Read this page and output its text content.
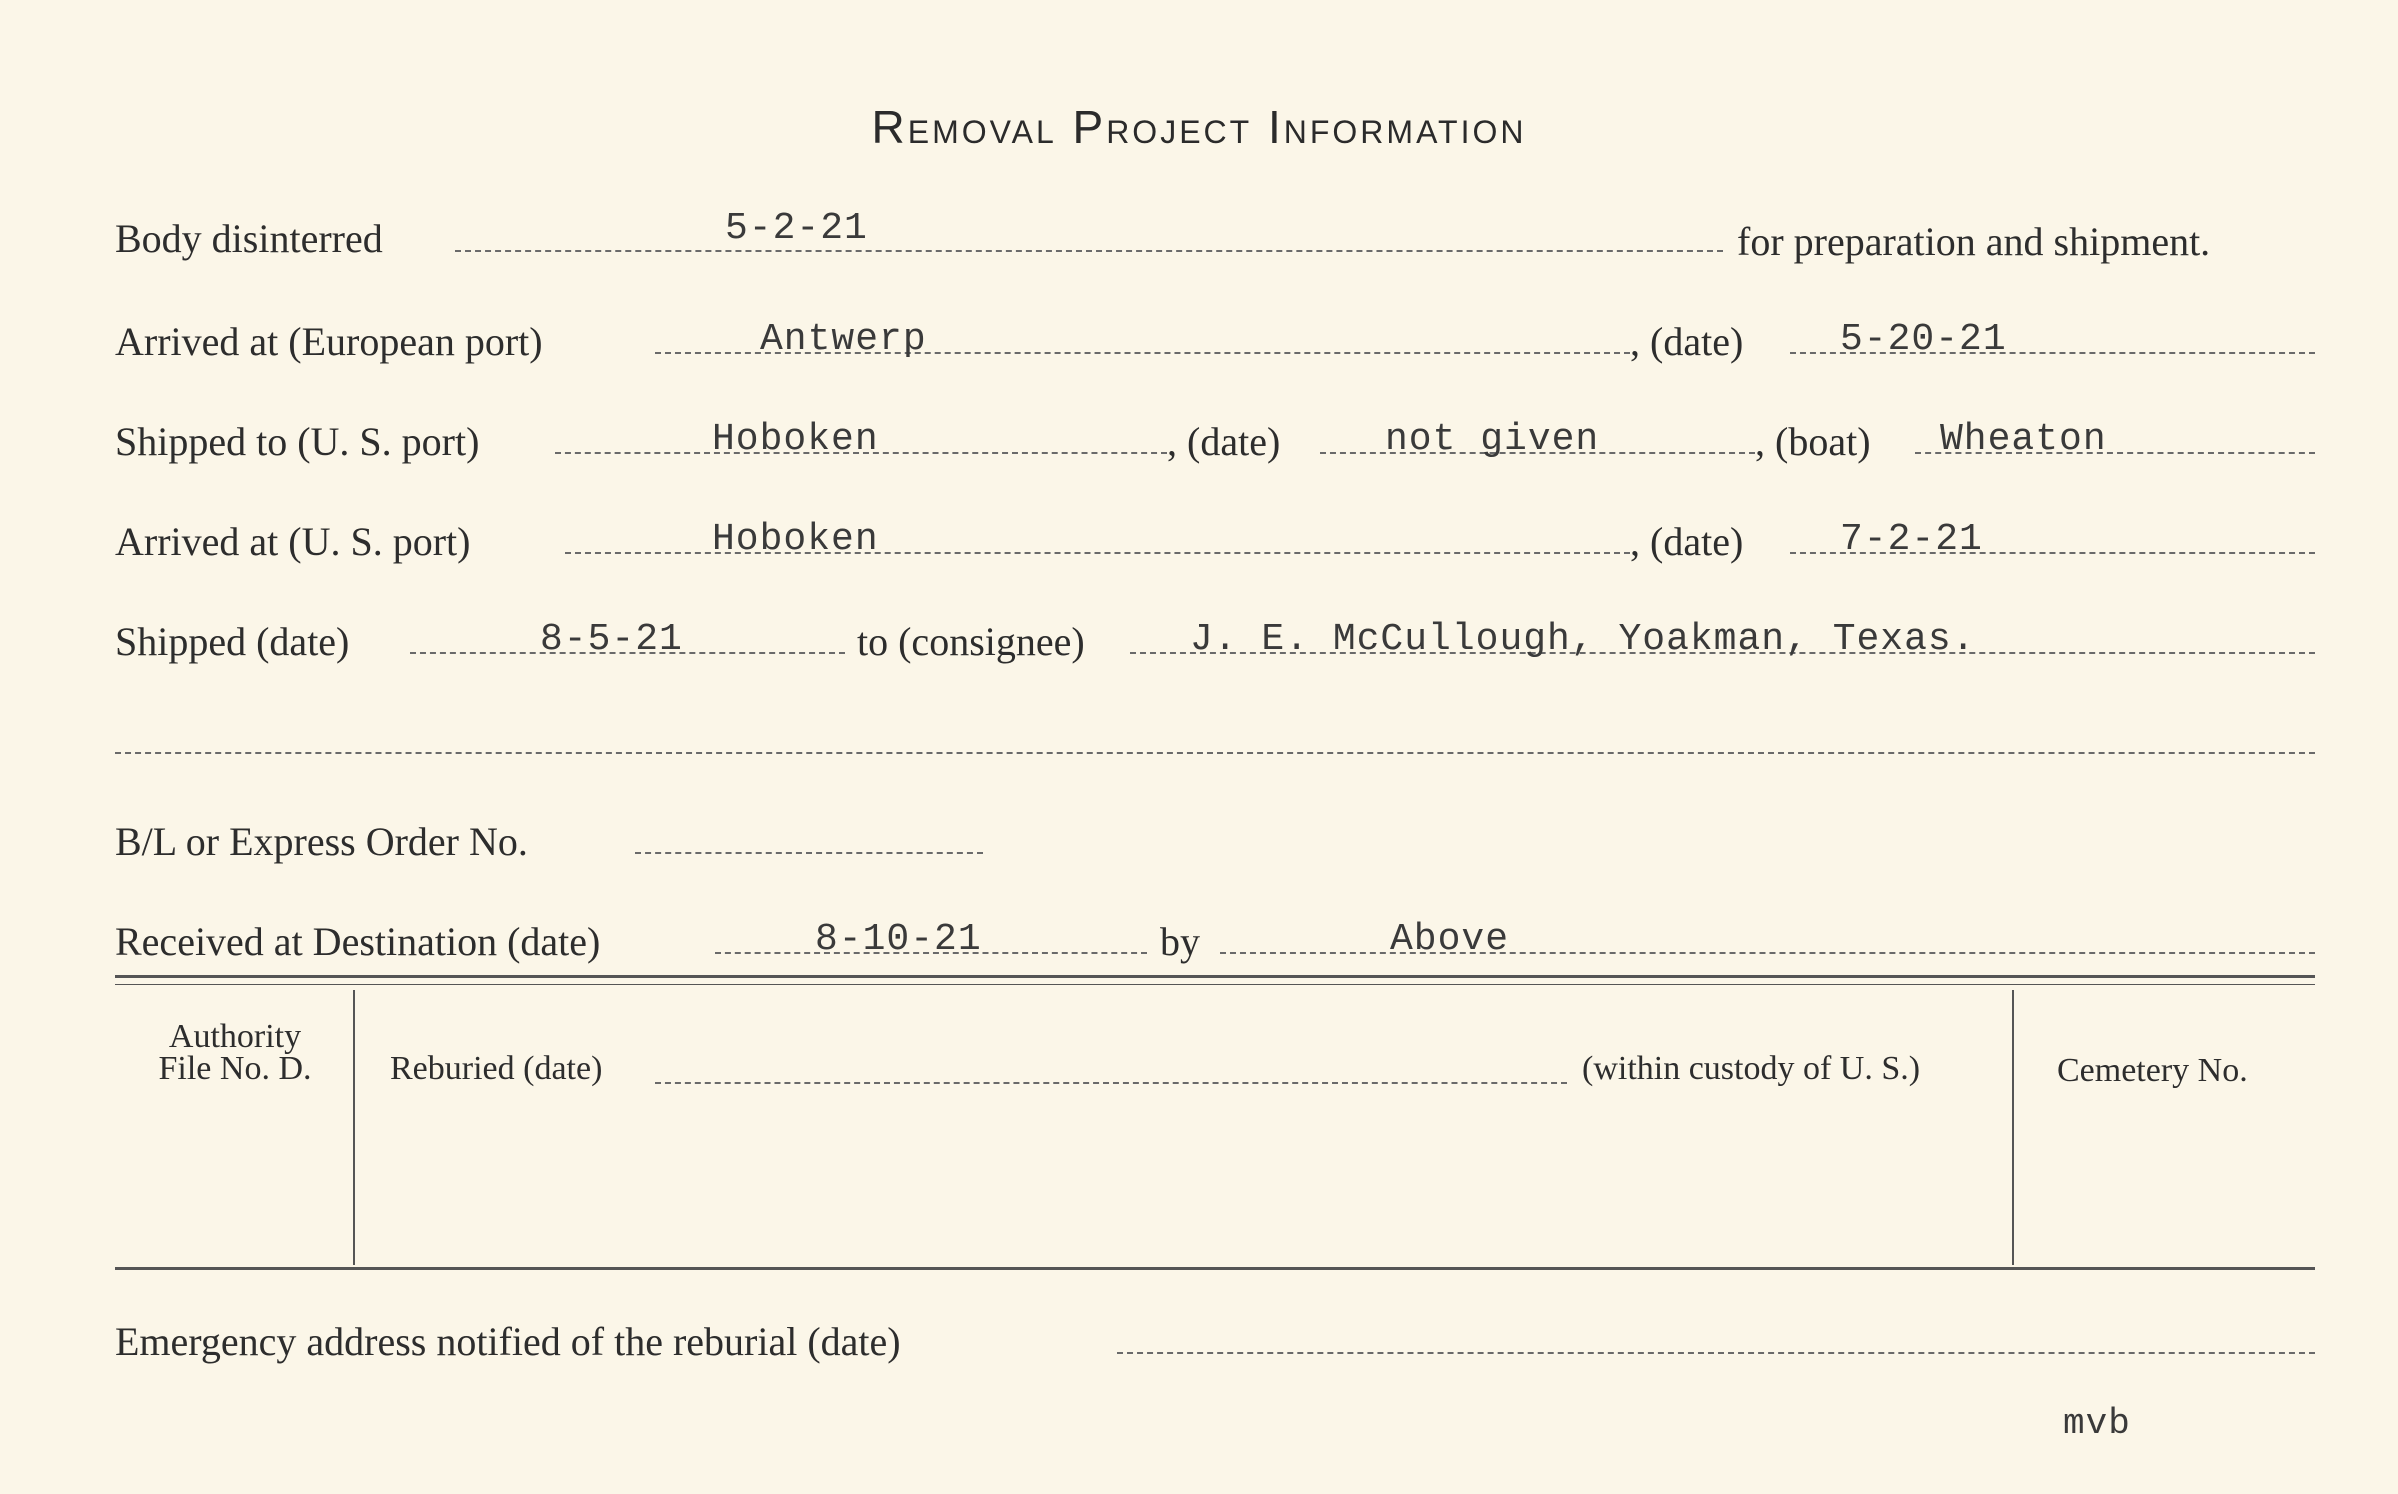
Removal Project Information
Body disinterred	5-2-21	for preparation and shipment.
Arrived at (European port)	Antwerp	, (date)	5-20-21
Shipped to (U. S. port)	Hoboken	, (date)	not given	, (boat) Wheaton
Arrived at (U. S. port)	Hoboken	, (date)	7-2-21
Shipped (date)	8-5-21	to (consignee)	J. E. McCullough, Yoakman, Texas.
B/L or Express Order No.
Received at Destination (date)	8-10-21	by	Above
Authority
File No. D.	Reburied (date)	(within custody of U. S.)	Cemetery No.
Emergency address notified of the reburial (date)
mvb
